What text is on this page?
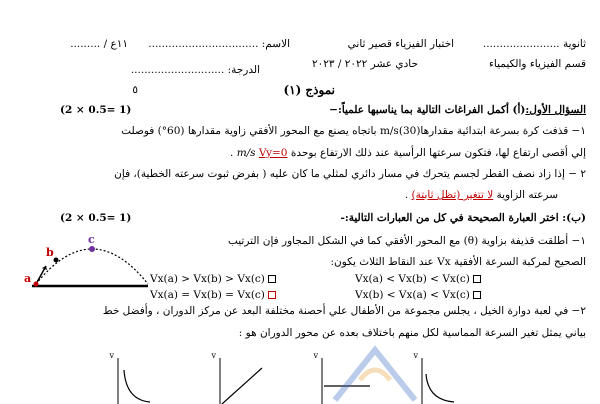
ثانوية .......................
اختبار الفيزياء قصير ثاني
الاسم: .................................
١١ع / .........
قسم الفيزياء والكيمياء
حادي عشر ٢٠٢٢ / ٢٠٢٣
الدرجة: ............................
٥	نموذج (١)
السؤال الأول:(أ) أكمل الفراغات التالية بما يناسبها علمياً:−
(2 × 0.5= 1)
١− قذفت كرة بسرعة ابتدائية مقدارها(30)m/s باتجاه يصنع مع المحور الأفقي زاوية مقدارها (60°) فوصلت
إلي أقصى ارتفاع لها، فتكون سرعتها الرأسية عند ذلك الارتفاع بوحدة Vy=0 m/s .
٢ − إذا زاد نصف القطر لجسم يتحرك في مسار دائري لمثلي ما كان عليه ( بفرض ثبوت سرعته الخطية)، فإن
سرعته الزاوية لا تتغير (تظل ثابتة) .
(ب): اختر العبارة الصحيحة في كل من العبارات التالية:-
(2 × 0.5= 1)
١− أطلقت قذيفة بزاوية (θ) مع المحور الأفقي كما في الشكل المجاور فإن الترتيب
الصحيح لمركبة السرعة الأفقية Vx عند النقاط الثلاث يكون:
Vx(a) < Vx(b) < Vx(c)
Vx(a) > Vx(b) > Vx(c)
Vx(b) < Vx(a) < Vx(c)
Vx(a) = Vx(b) = Vx(c)
a
b
c
٢− في لعبة دوارة الخيل ، يجلس مجموعة من الأطفال علي أحصنة مختلفة البعد عن مركز الدوران ، وأفضل خط
بياني يمثل تغير السرعة المماسية لكل منهم باختلاف بعده عن محور الدوران هو :
v	v	v	v
